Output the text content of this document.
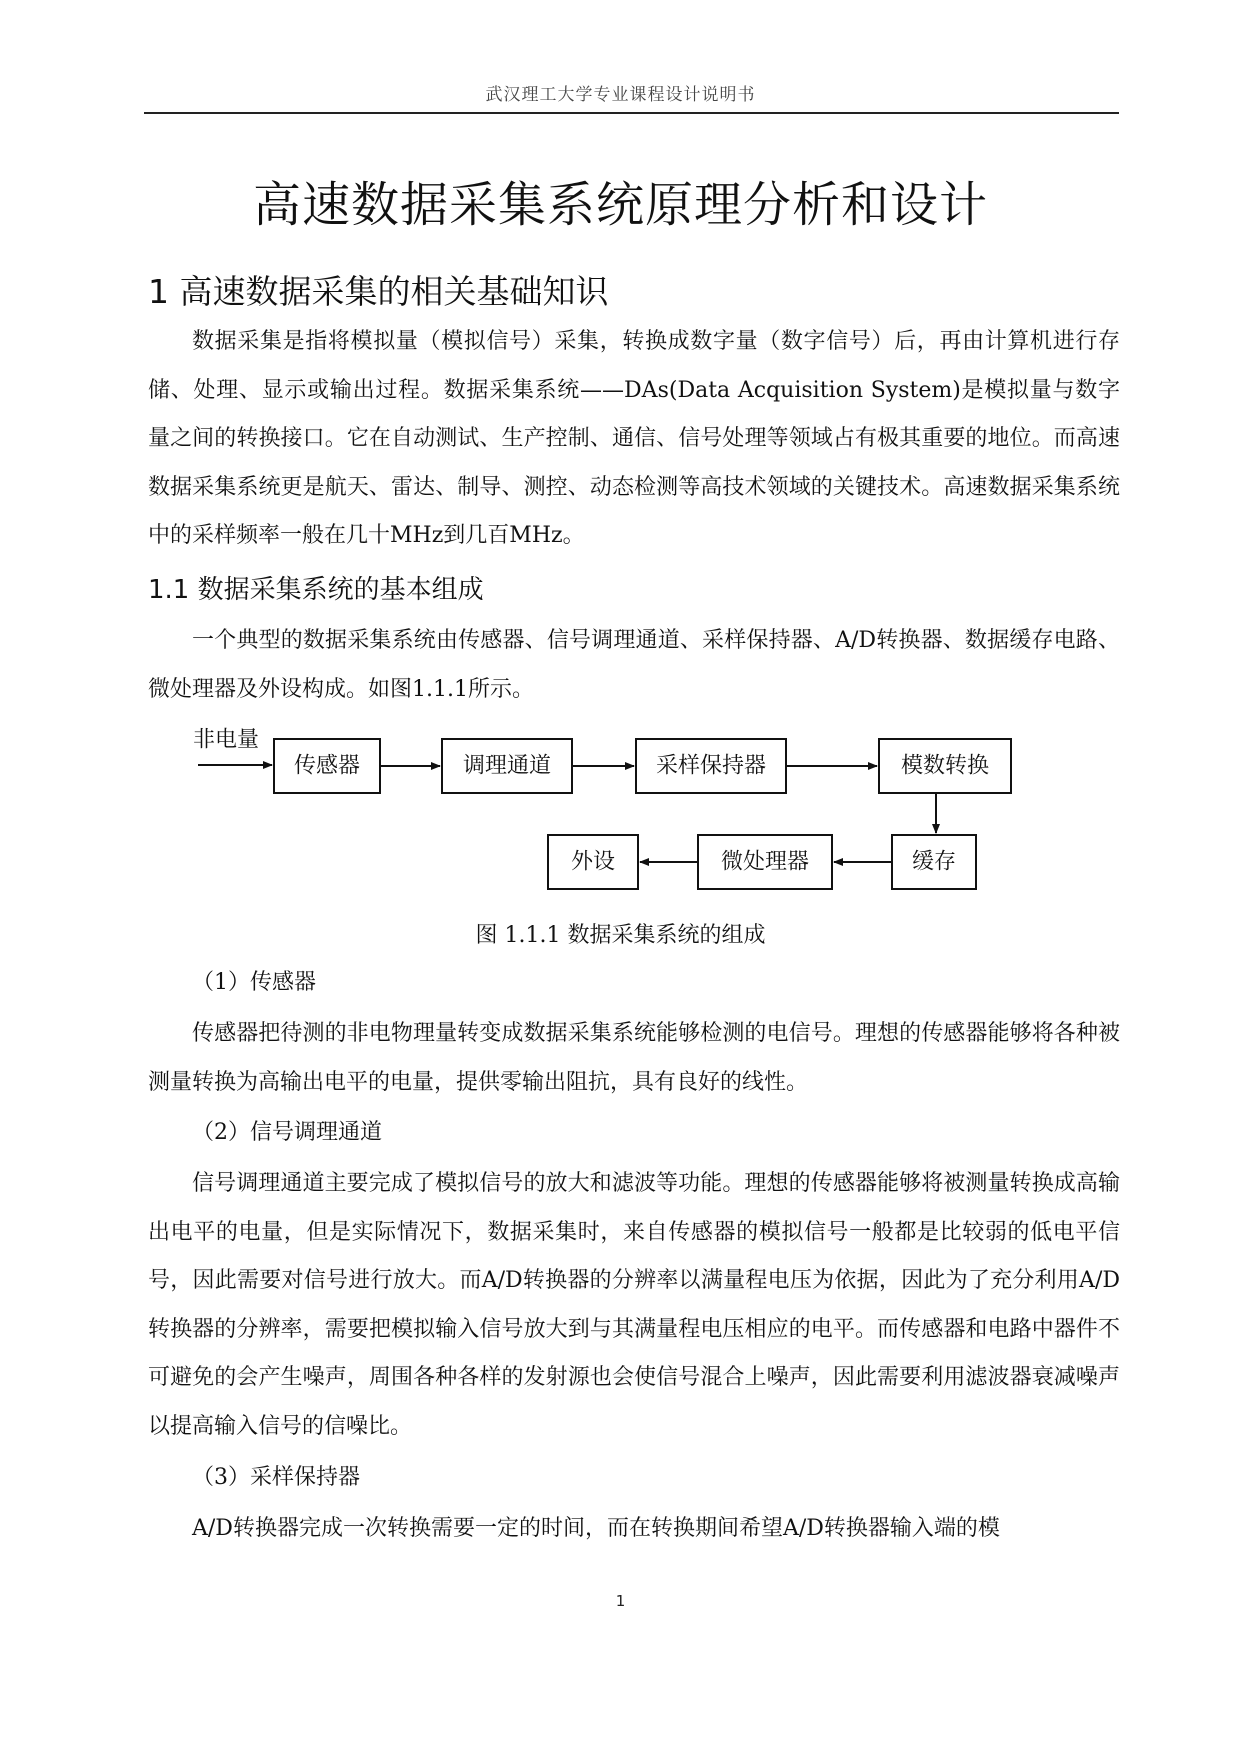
武汉理工大学专业课程设计说明书
高速数据采集系统原理分析和设计
1 高速数据采集的相关基础知识
数据采集是指将模拟量（模拟信号）采集，转换成数字量（数字信号）后，再由计算机进行存储、处理、显示或输出过程。数据采集系统——DAs(Data Acquisition System)是模拟量与数字量之间的转换接口。它在自动测试、生产控制、通信、信号处理等领域占有极其重要的地位。而高速数据采集系统更是航天、雷达、制导、测控、动态检测等高技术领域的关键技术。高速数据采集系统中的采样频率一般在几十MHz到几百MHz。
1.1 数据采集系统的基本组成
一个典型的数据采集系统由传感器、信号调理通道、采样保持器、A/D转换器、数据缓存电路、微处理器及外设构成。如图1.1.1所示。
非电量
传感器	调理通道	采样保持器	模数转换
缓存
微处理器
外设
图 1.1.1 数据采集系统的组成
（1）传感器
传感器把待测的非电物理量转变成数据采集系统能够检测的电信号。理想的传感器能够将各种被测量转换为高输出电平的电量，提供零输出阻抗，具有良好的线性。
（2）信号调理通道
信号调理通道主要完成了模拟信号的放大和滤波等功能。理想的传感器能够将被测量转换成高输出电平的电量，但是实际情况下，数据采集时，来自传感器的模拟信号一般都是比较弱的低电平信号，因此需要对信号进行放大。而A/D转换器的分辨率以满量程电压为依据，因此为了充分利用A/D转换器的分辨率，需要把模拟输入信号放大到与其满量程电压相应的电平。而传感器和电路中器件不可避免的会产生噪声，周围各种各样的发射源也会使信号混合上噪声，因此需要利用滤波器衰减噪声以提高输入信号的信噪比。
（3）采样保持器
A/D转换器完成一次转换需要一定的时间，而在转换期间希望A/D转换器输入端的模
1
